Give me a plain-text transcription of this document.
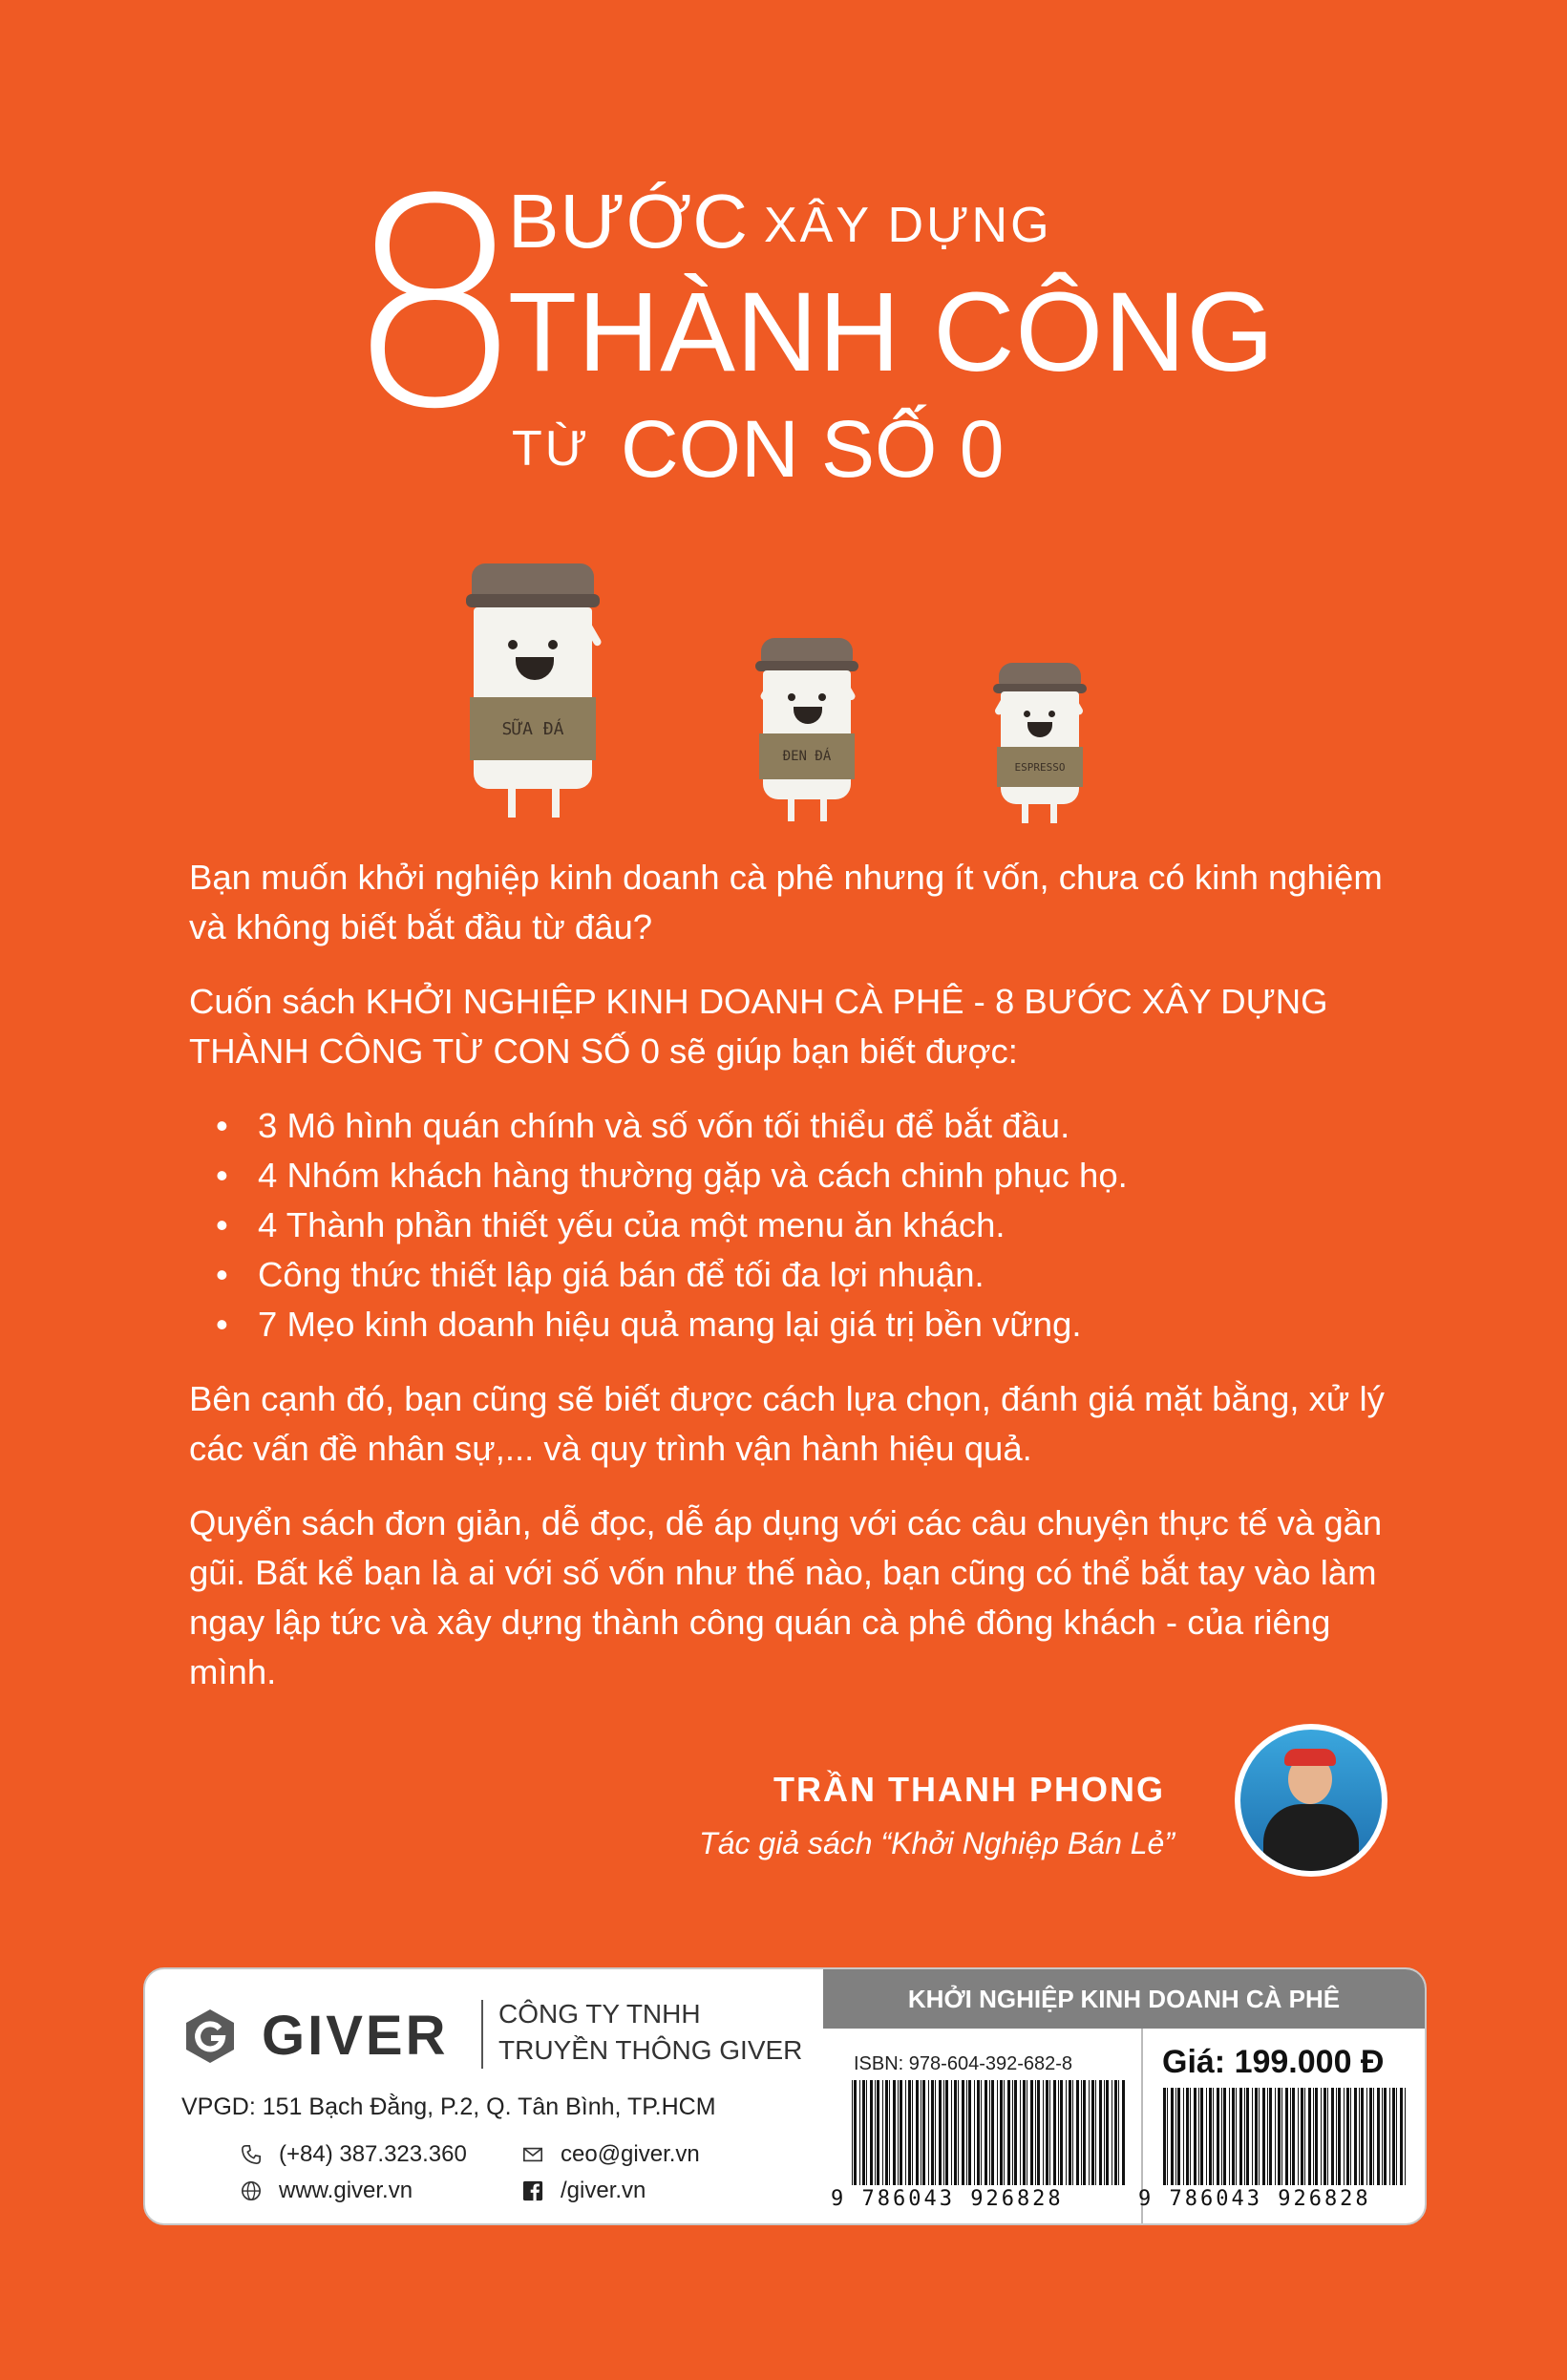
8
BƯỚC XÂY DỰNG
THÀNH CÔNG
TỪ CON SỐ 0
SỮA ĐÁ
ĐEN ĐÁ
ESPRESSO

Bạn muốn khởi nghiệp kinh doanh cà phê nhưng ít vốn, chưa có kinh nghiệm và không biết bắt đầu từ đâu?

Cuốn sách KHỞI NGHIỆP KINH DOANH CÀ PHÊ - 8 BƯỚC XÂY DỰNG THÀNH CÔNG TỪ CON SỐ 0 sẽ giúp bạn biết được:

• 3 Mô hình quán chính và số vốn tối thiểu để bắt đầu.
• 4 Nhóm khách hàng thường gặp và cách chinh phục họ.
• 4 Thành phần thiết yếu của một menu ăn khách.
• Công thức thiết lập giá bán để tối đa lợi nhuận.
• 7 Mẹo kinh doanh hiệu quả mang lại giá trị bền vững.

Bên cạnh đó, bạn cũng sẽ biết được cách lựa chọn, đánh giá mặt bằng, xử lý các vấn đề nhân sự,... và quy trình vận hành hiệu quả.

Quyển sách đơn giản, dễ đọc, dễ áp dụng với các câu chuyện thực tế và gần gũi. Bất kể bạn là ai với số vốn như thế nào, bạn cũng có thể bắt tay vào làm ngay lập tức và xây dựng thành công quán cà phê đông khách - của riêng mình.

TRẦN THANH PHONG
Tác giả sách “Khởi Nghiệp Bán Lẻ”
GIVER CÔNG TY TNHH
TRUYỀN THÔNG GIVER
VPGD: 151 Bạch Đằng, P.2, Q. Tân Bình, TP.HCM
(+84) 387.323.360	ceo@giver.vn
www.giver.vn	/giver.vn
KHỞI NGHIỆP KINH DOANH CÀ PHÊ
ISBN: 978-604-392-682-8	Giá: 199.000 Đ
9 786043 926828	9 786043 926828
